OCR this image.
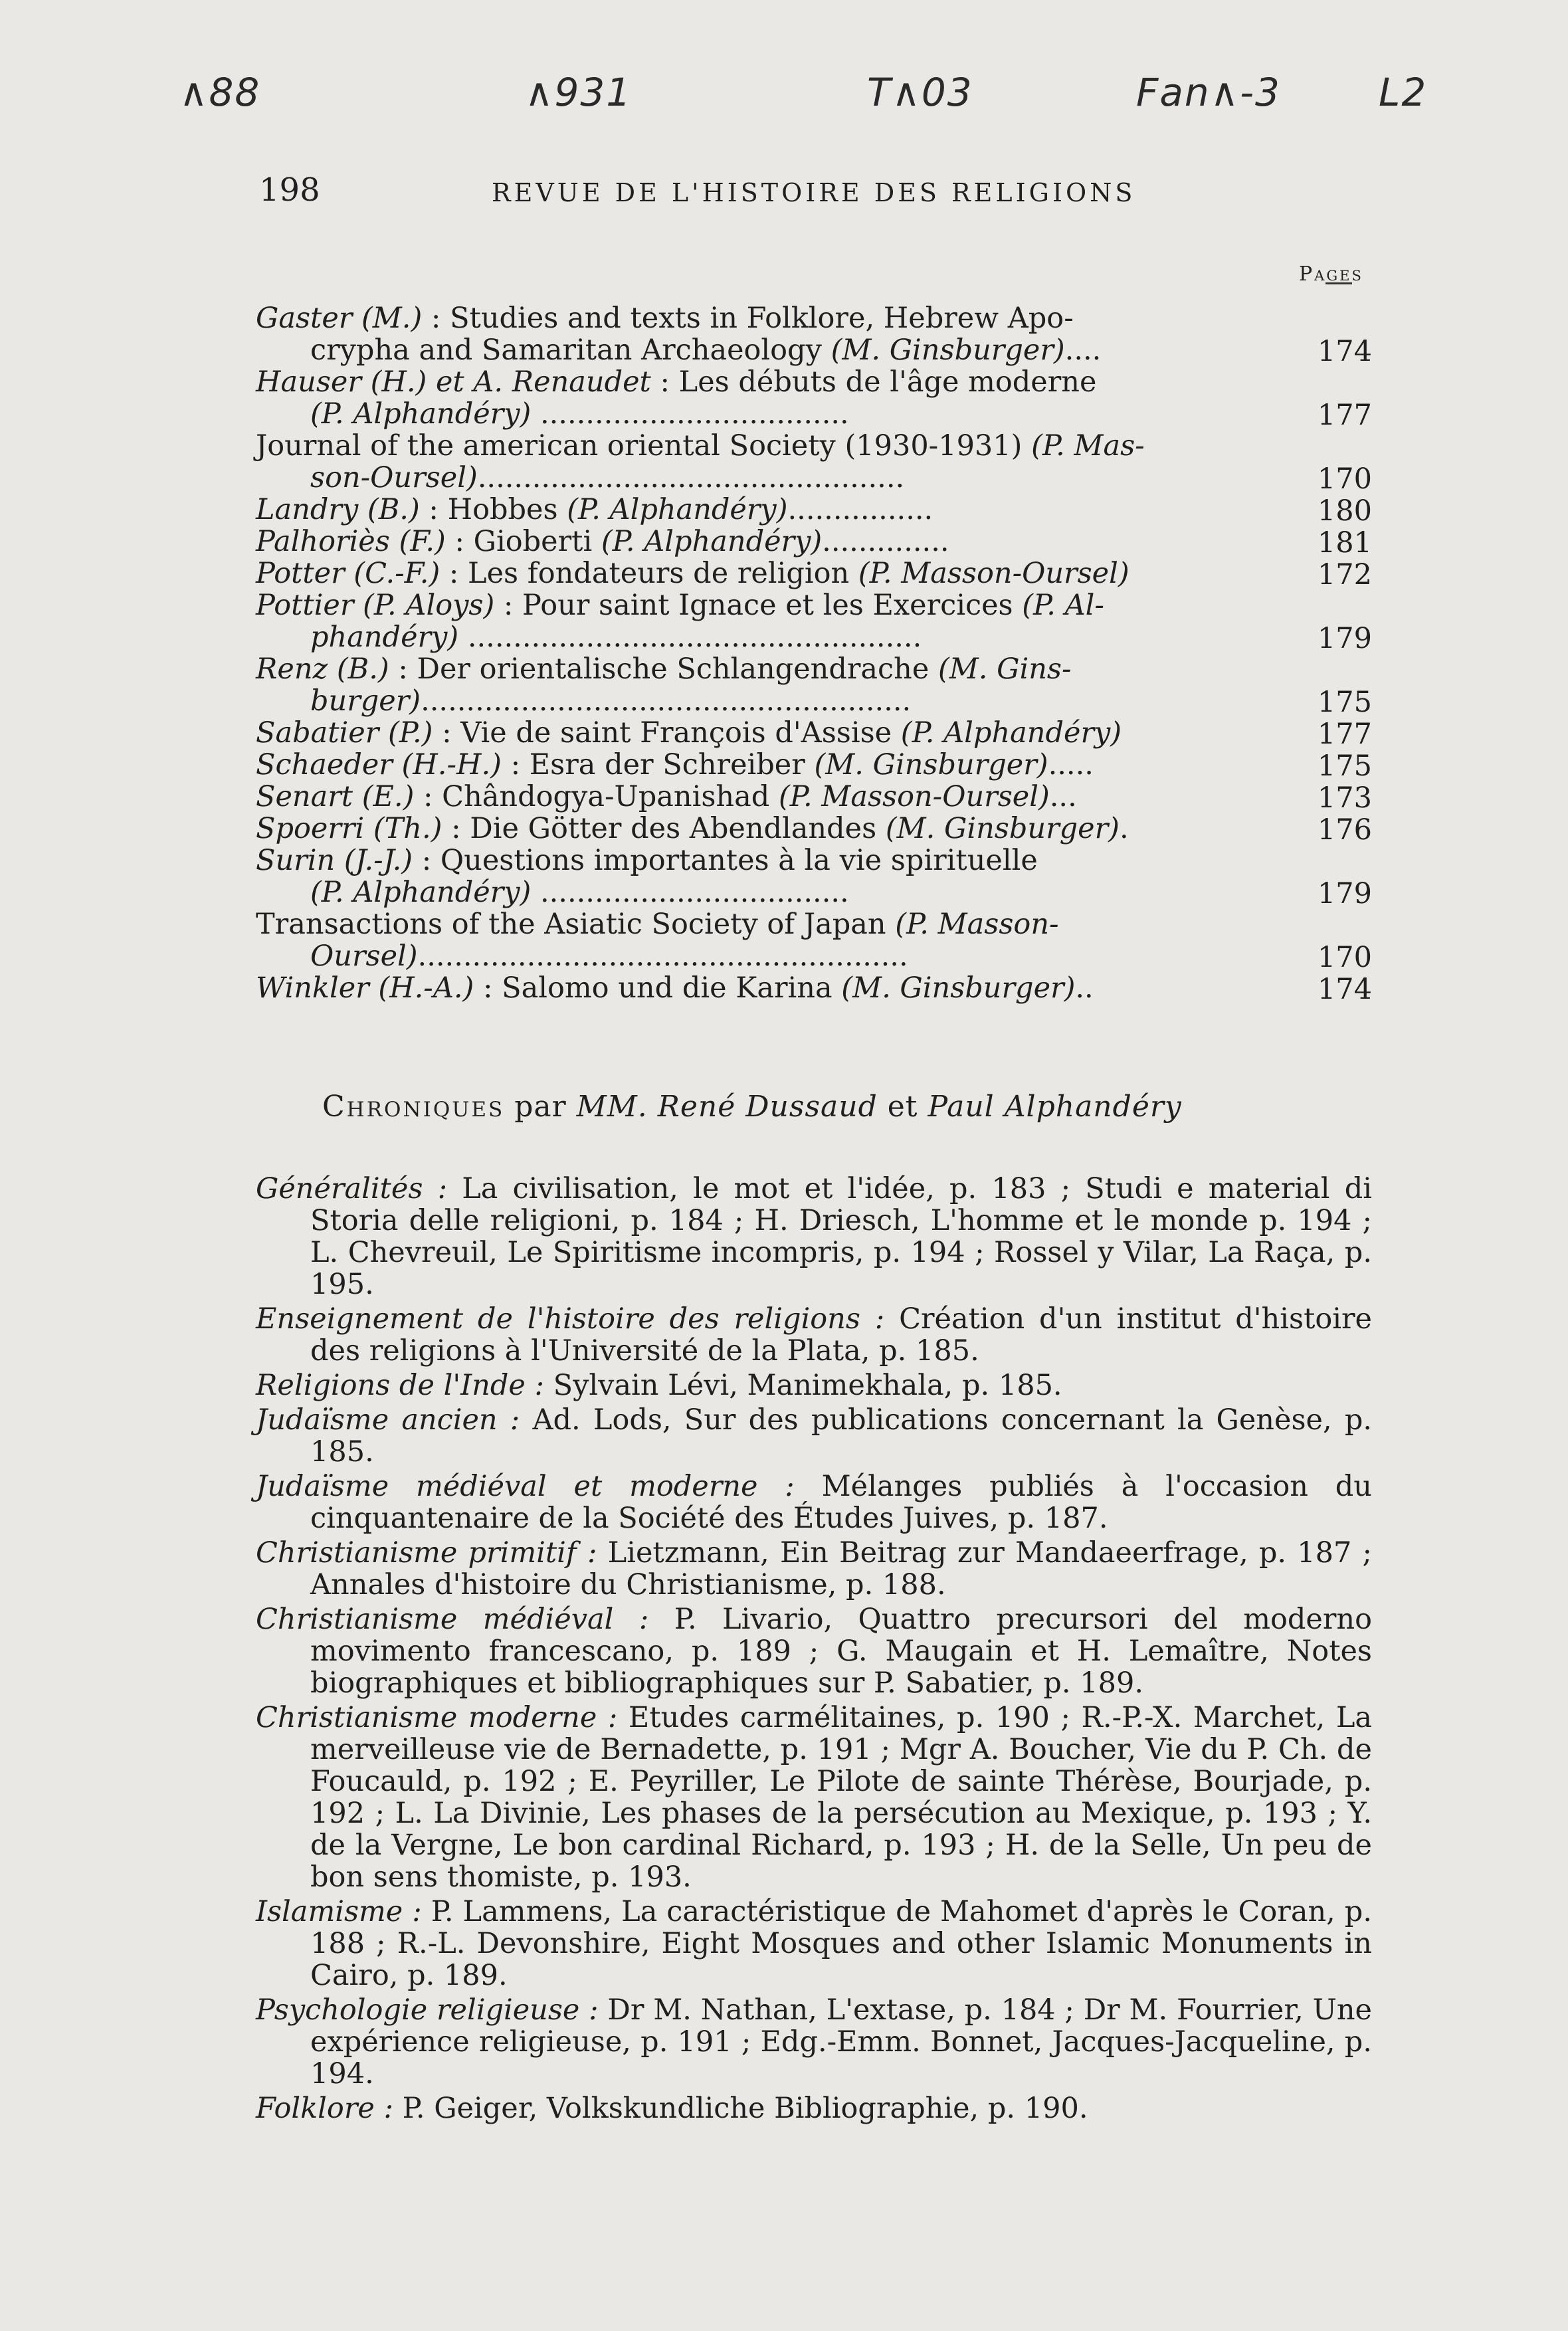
∧88	∧931	T∧03	Fan∧-3	L2
198	REVUE DE L'HISTOIRE DES RELIGIONS
Pages
Gaster (M.) : Studies and texts in Folklore, Hebrew Apo-
crypha and Samaritan Archaeology (M. Ginsburger)....	174
Hauser (H.) et A. Renaudet : Les débuts de l'âge moderne
(P. Alphandéry) ..................................	177
Journal of the american oriental Society (1930-1931) (P. Mas-
son-Oursel)...............................................	170
Landry (B.) : Hobbes (P. Alphandéry)................	180
Palhoriès (F.) : Gioberti (P. Alphandéry)..............	181
Potter (C.-F.) : Les fondateurs de religion (P. Masson-Oursel)	172
Pottier (P. Aloys) : Pour saint Ignace et les Exercices (P. Al-
phandéry) ..................................................	179
Renz (B.) : Der orientalische Schlangendrache (M. Gins-
burger)......................................................	175
Sabatier (P.) : Vie de saint François d'Assise (P. Alphandéry)	177
Schaeder (H.-H.) : Esra der Schreiber (M. Ginsburger).....	175
Senart (E.) : Chândogya-Upanishad (P. Masson-Oursel)...	173
Spoerri (Th.) : Die Götter des Abendlandes (M. Ginsburger).	176
Surin (J.-J.) : Questions importantes à la vie spirituelle
(P. Alphandéry) ..................................	179
Transactions of the Asiatic Society of Japan (P. Masson-
Oursel)......................................................	170
Winkler (H.-A.) : Salomo und die Karina (M. Ginsburger)..	174
Chroniques par MM. René Dussaud et Paul Alphandéry
Généralités : La civilisation, le mot et l'idée, p. 183 ; Studi e material di Storia delle religioni, p. 184 ; H. Driesch, L'homme et le monde p. 194 ; L. Chevreuil, Le Spiritisme incompris, p. 194 ; Rossel y Vilar, La Raça, p. 195.
Enseignement de l'histoire des religions : Création d'un institut d'histoire des religions à l'Université de la Plata, p. 185.
Religions de l'Inde : Sylvain Lévi, Manimekhala, p. 185.
Judaïsme ancien : Ad. Lods, Sur des publications concernant la Genèse, p. 185.
Judaïsme médiéval et moderne : Mélanges publiés à l'occasion du cinquantenaire de la Société des Études Juives, p. 187.
Christianisme primitif : Lietzmann, Ein Beitrag zur Mandaeerfrage, p. 187 ; Annales d'histoire du Christianisme, p. 188.
Christianisme médiéval : P. Livario, Quattro precursori del moderno movimento francescano, p. 189 ; G. Maugain et H. Lemaître, Notes biographiques et bibliographiques sur P. Sabatier, p. 189.
Christianisme moderne : Etudes carmélitaines, p. 190 ; R.-P.-X. Marchet, La merveilleuse vie de Bernadette, p. 191 ; Mgr A. Boucher, Vie du P. Ch. de Foucauld, p. 192 ; E. Peyriller, Le Pilote de sainte Thérèse, Bourjade, p. 192 ; L. La Divinie, Les phases de la persécution au Mexique, p. 193 ; Y. de la Vergne, Le bon cardinal Richard, p. 193 ; H. de la Selle, Un peu de bon sens thomiste, p. 193.
Islamisme : P. Lammens, La caractéristique de Mahomet d'après le Coran, p. 188 ; R.-L. Devonshire, Eight Mosques and other Islamic Monuments in Cairo, p. 189.
Psychologie religieuse : Dr M. Nathan, L'extase, p. 184 ; Dr M. Fourrier, Une expérience religieuse, p. 191 ; Edg.-Emm. Bonnet, Jacques-Jacqueline, p. 194.
Folklore : P. Geiger, Volkskundliche Bibliographie, p. 190.
